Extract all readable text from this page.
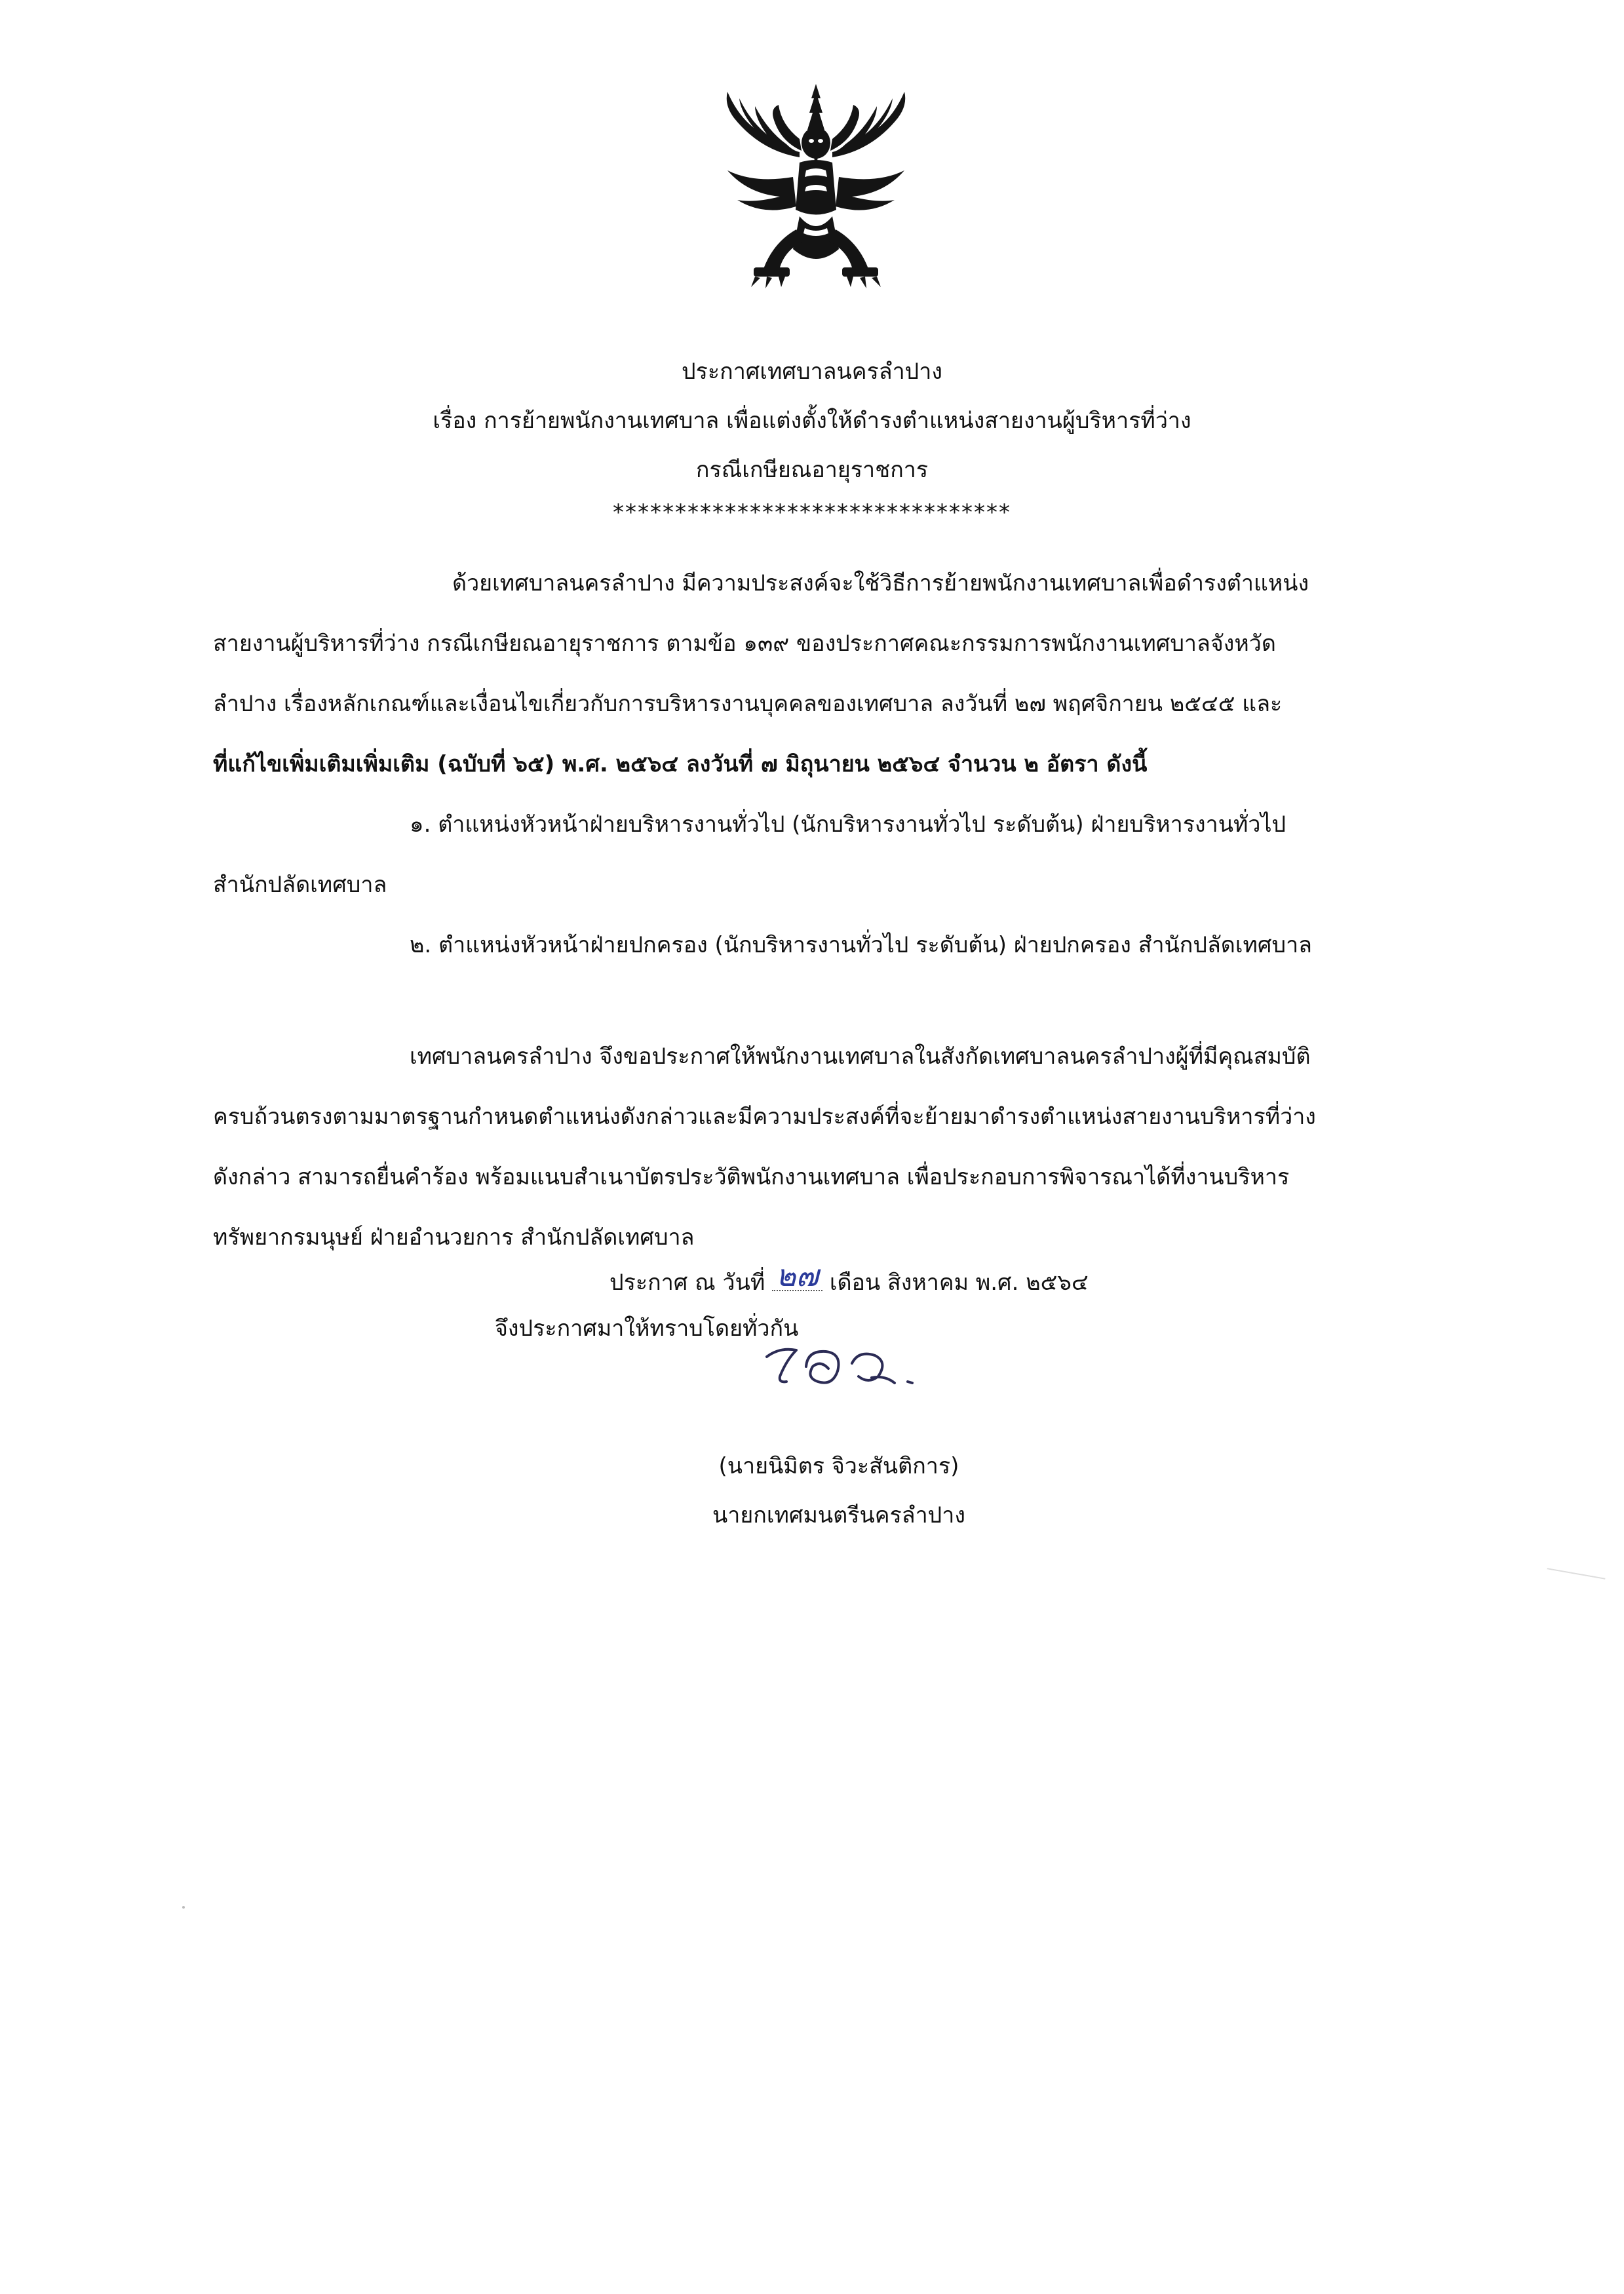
ประกาศเทศบาลนครลำปาง
เรื่อง การย้ายพนักงานเทศบาล เพื่อแต่งตั้งให้ดำรงตำแหน่งสายงานผู้บริหารที่ว่าง
กรณีเกษียณอายุราชการ
********************************
ด้วยเทศบาลนครลำปาง มีความประสงค์จะใช้วิธีการย้ายพนักงานเทศบาลเพื่อดำรงตำแหน่ง
สายงานผู้บริหารที่ว่าง กรณีเกษียณอายุราชการ ตามข้อ ๑๓๙ ของประกาศคณะกรรมการพนักงานเทศบาลจังหวัด
ลำปาง เรื่องหลักเกณฑ์และเงื่อนไขเกี่ยวกับการบริหารงานบุคคลของเทศบาล ลงวันที่ ๒๗ พฤศจิกายน ๒๕๔๕ และ
ที่แก้ไขเพิ่มเติมเพิ่มเติม (ฉบับที่ ๖๕) พ.ศ. ๒๕๖๔ ลงวันที่ ๗ มิถุนายน ๒๕๖๔ จำนวน ๒ อัตรา ดังนี้
๑. ตำแหน่งหัวหน้าฝ่ายบริหารงานทั่วไป (นักบริหารงานทั่วไป ระดับต้น) ฝ่ายบริหารงานทั่วไป
สำนักปลัดเทศบาล
๒. ตำแหน่งหัวหน้าฝ่ายปกครอง (นักบริหารงานทั่วไป ระดับต้น) ฝ่ายปกครอง สำนักปลัดเทศบาล
เทศบาลนครลำปาง จึงขอประกาศให้พนักงานเทศบาลในสังกัดเทศบาลนครลำปางผู้ที่มีคุณสมบัติ
ครบถ้วนตรงตามมาตรฐานกำหนดตำแหน่งดังกล่าวและมีความประสงค์ที่จะย้ายมาดำรงตำแหน่งสายงานบริหารที่ว่าง
ดังกล่าว สามารถยื่นคำร้อง พร้อมแนบสำเนาบัตรประวัติพนักงานเทศบาล เพื่อประกอบการพิจารณาได้ที่งานบริหาร
ทรัพยากรมนุษย์ ฝ่ายอำนวยการ สำนักปลัดเทศบาล
จึงประกาศมาให้ทราบโดยทั่วกัน
ประกาศ ณ วันที่ ๒๗ เดือน สิงหาคม พ.ศ. ๒๕๖๔
(นายนิมิตร จิวะสันติการ)
นายกเทศมนตรีนครลำปาง
